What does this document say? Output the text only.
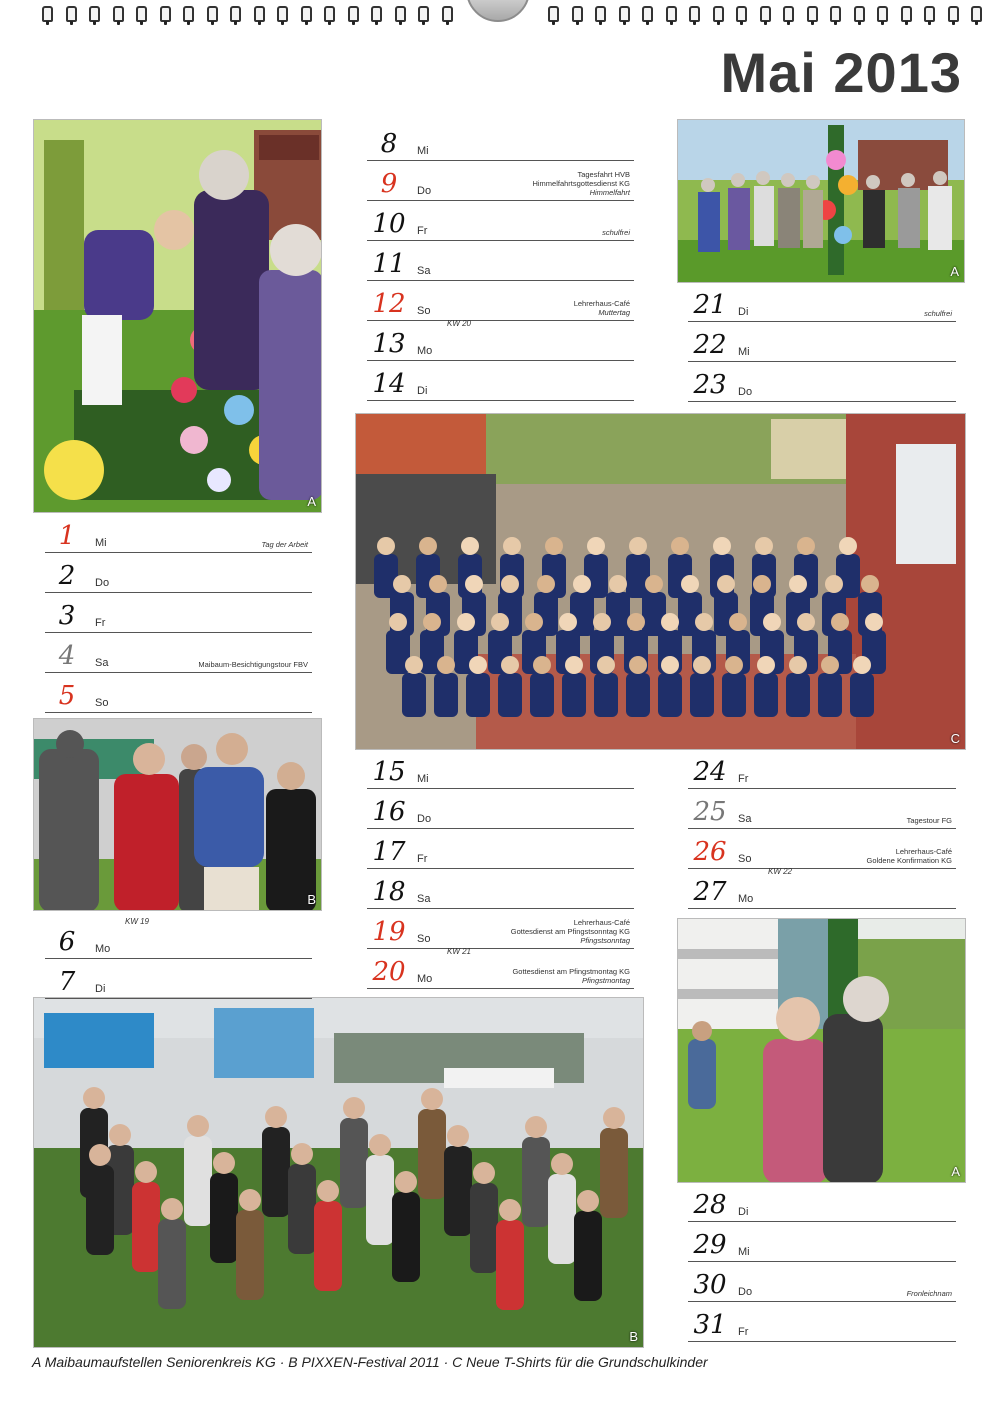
Mai 2013
A
A
C
B
A
B
1	Mi	Tag der Arbeit
2	Do
3	Fr
4	Sa	Maibaum-Besichtigungstour FBV
5	So
6	Mo
KW 19
7	Di
8	Mi
9	Do
Tagesfahrt HVB
Himmelfahrtsgottesdienst KG
Himmelfahrt
10	Fr	schulfrei
11	Sa
12	So
Lehrerhaus-Café
Muttertag
13	Mo
KW 20
14	Di
15	Mi
16	Do
17	Fr
18	Sa
19	So
Lehrerhaus-Café
Gottesdienst am Pfingstsonntag KG
Pfingstsonntag
20	Mo
KW 21
Gottesdienst am Pfingstmontag KG
Pfingstmontag
21	Di	schulfrei
22	Mi
23	Do
24	Fr
25	Sa	Tagestour FG
26	So
Lehrerhaus-Café
Goldene Konfirmation KG
27	Mo
KW 22
28	Di
29	Mi
30	Do	Fronleichnam
31	Fr
A Maibaumaufstellen Seniorenkreis KG · B PIXXEN-Festival 2011 · C Neue T-Shirts für die Grundschulkinder
